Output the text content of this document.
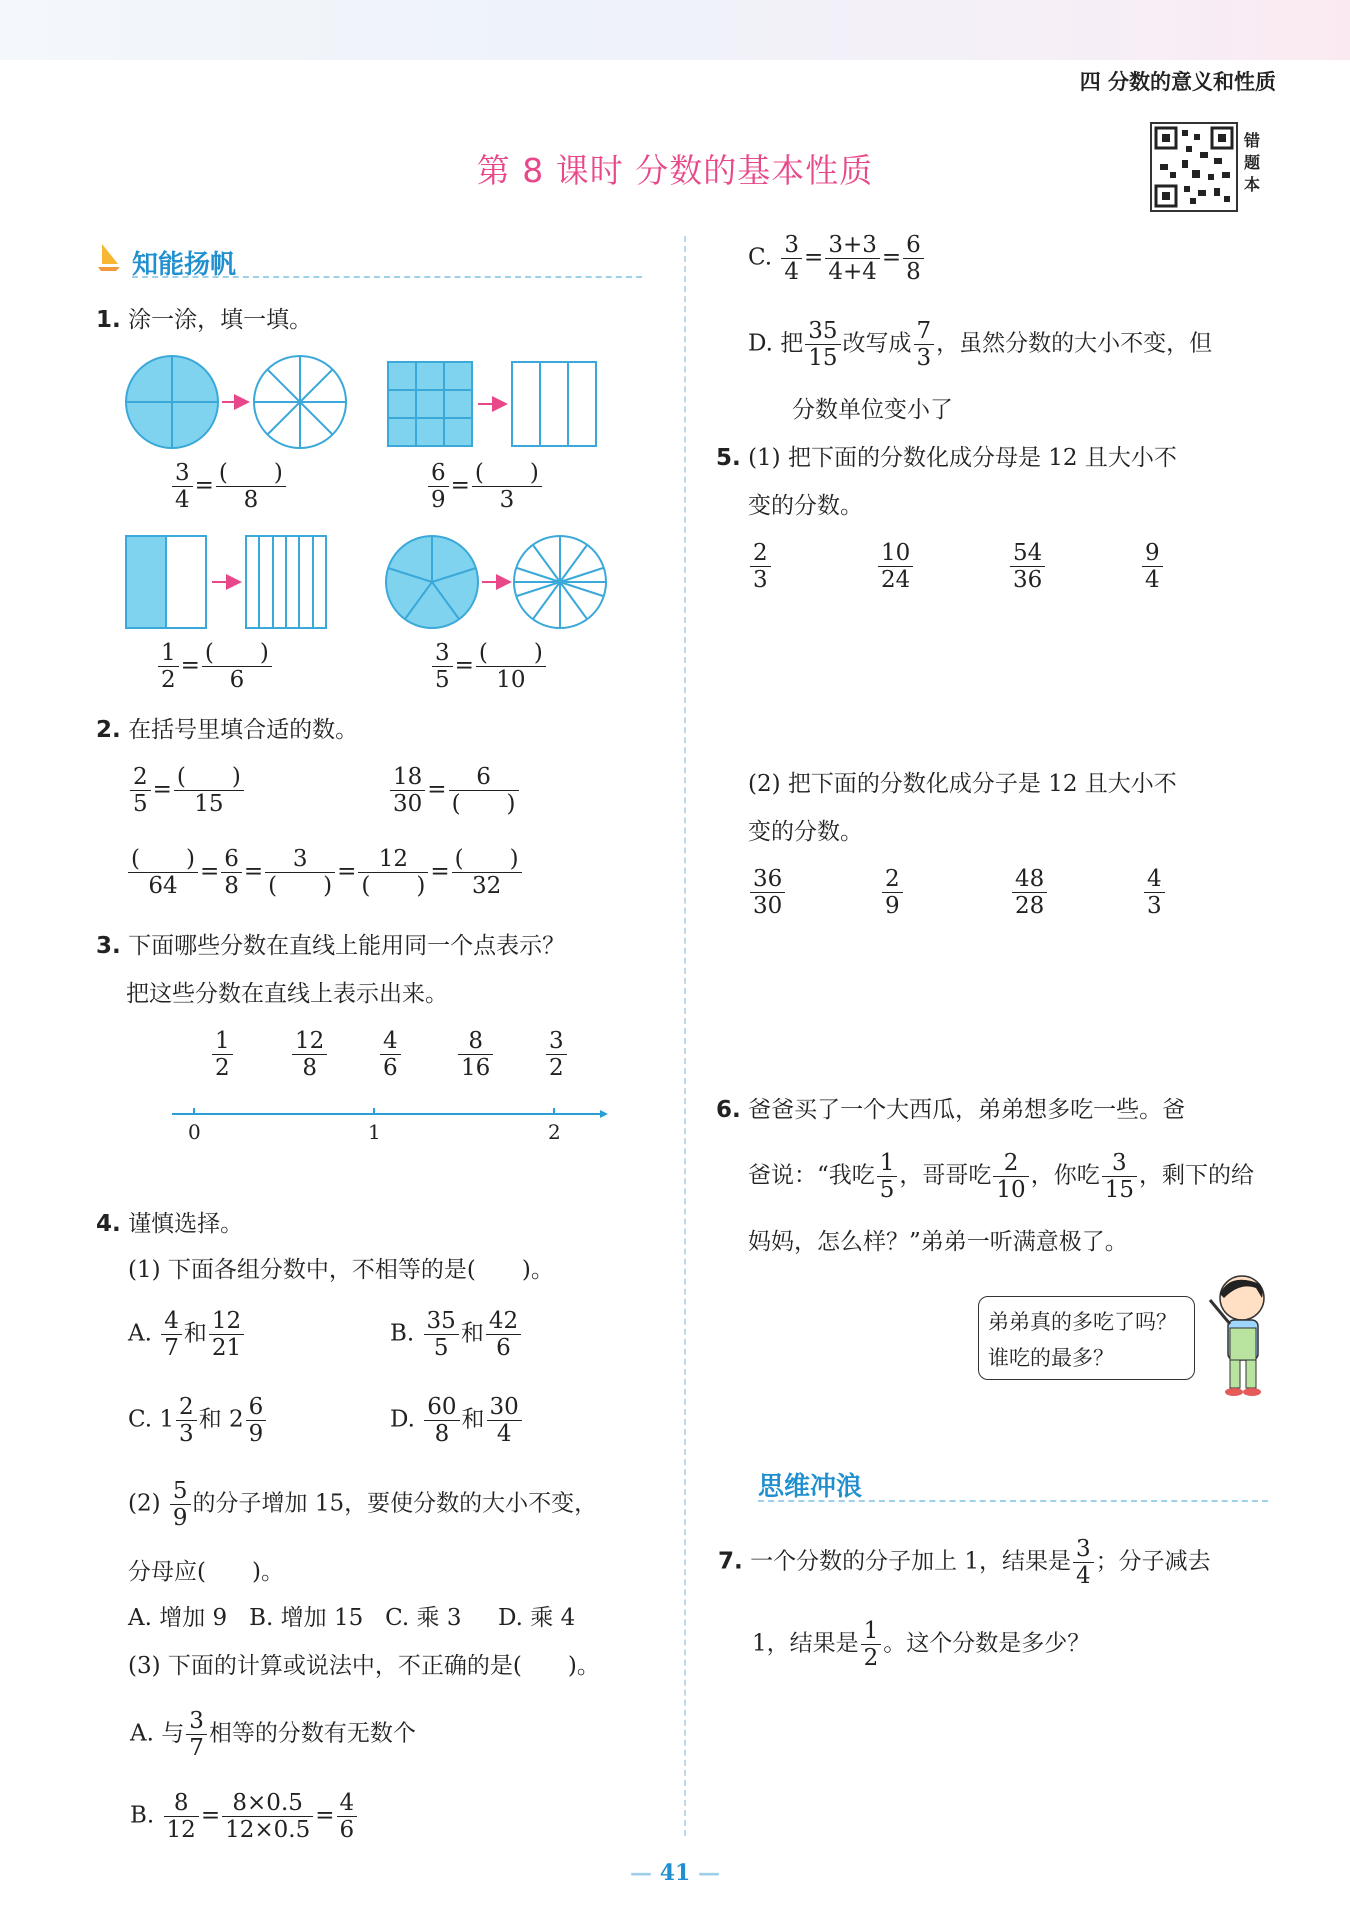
四 分数的意义和性质
第 8 课时 分数的基本性质
错题本
知能扬帆
1. 涂一涂，填一填。
$\frac{3}{4} = \frac{( )}{8}$	$\frac{6}{9} = \frac{( )}{3}$
$\frac{1}{2} = \frac{( )}{6}$	$\frac{3}{5} = \frac{( )}{10}$
2. 在括号里填合适的数。
$\frac{2}{5} = \frac{( )}{15}$	$\frac{18}{30} = \frac{6}{( )}$
$\frac{( )}{64} = \frac{6}{8} = \frac{3}{( )} = \frac{12}{( )} = \frac{( )}{32}$
3. 下面哪些分数在直线上能用同一个点表示？
把这些分数在直线上表示出来。
$\frac{1}{2}$	$\frac{12}{8} \frac{4}{6} \frac{8}{16} \frac{3}{2}$
0	1	2
4. 谨慎选择。
(1) 下面各组分数中，不相等的是(　　)。
A. $\frac{4}{7}$ 和 $\frac{12}{21}$	B. $\frac{35}{5}$ 和 $\frac{42}{6}$
C. $1 \frac{2}{3}$ 和 $2 \frac{6}{9}$	D. $\frac{60}{8}$ 和 $\frac{30}{4}$
$(2) \frac{5}{9}$ 的分子增加 15，要使分数的大小不变，
分母应(　　)。
A. 增加 9   B. 增加 15   C. 乘 3     D. 乘 4
(3) 下面的计算或说法中，不正确的是(　　)。
A. 与 $\frac{3}{7}$ 相等的分数有无数个
B. $\frac{8}{12} = \frac{8\times 0.5}{12\times 0.5} = \frac{4}{6}$
C. $\frac{3}{4} = \frac{3+3}{4+4} = \frac{6}{8}$
D. 把 $\frac{35}{15}$ 改写成 $\frac{7}{3}$ ，虽然分数的大小不变，但
分数单位变小了
5. (1) 把下面的分数化成分母是 12 且大小不
变的分数。
$\frac{2}{3}$	$\frac{10}{24}$	$\frac{54}{36}$	$\frac{9}{4}$
(2) 把下面的分数化成分子是 12 且大小不
变的分数。
$\frac{36}{30}$	$\frac{2}{9}$	$\frac{48}{28}$	$\frac{4}{3}$
6. 爸爸买了一个大西瓜，弟弟想多吃一些。爸
爸说：“我吃 $\frac{1}{5}$ ，哥哥吃 $\frac{2}{10}$ ，你吃 $\frac{3}{15}$ ，剩下的给
妈妈，怎么样？”弟弟一听满意极了。
弟弟真的多吃了吗？
谁吃的最多？
思维冲浪
7. 一个分数的分子加上 1，结果是 $\frac{3}{4}$ ；分子减去
1，结果是 $\frac{1}{2}$ 。这个分数是多少？
— 41 —
